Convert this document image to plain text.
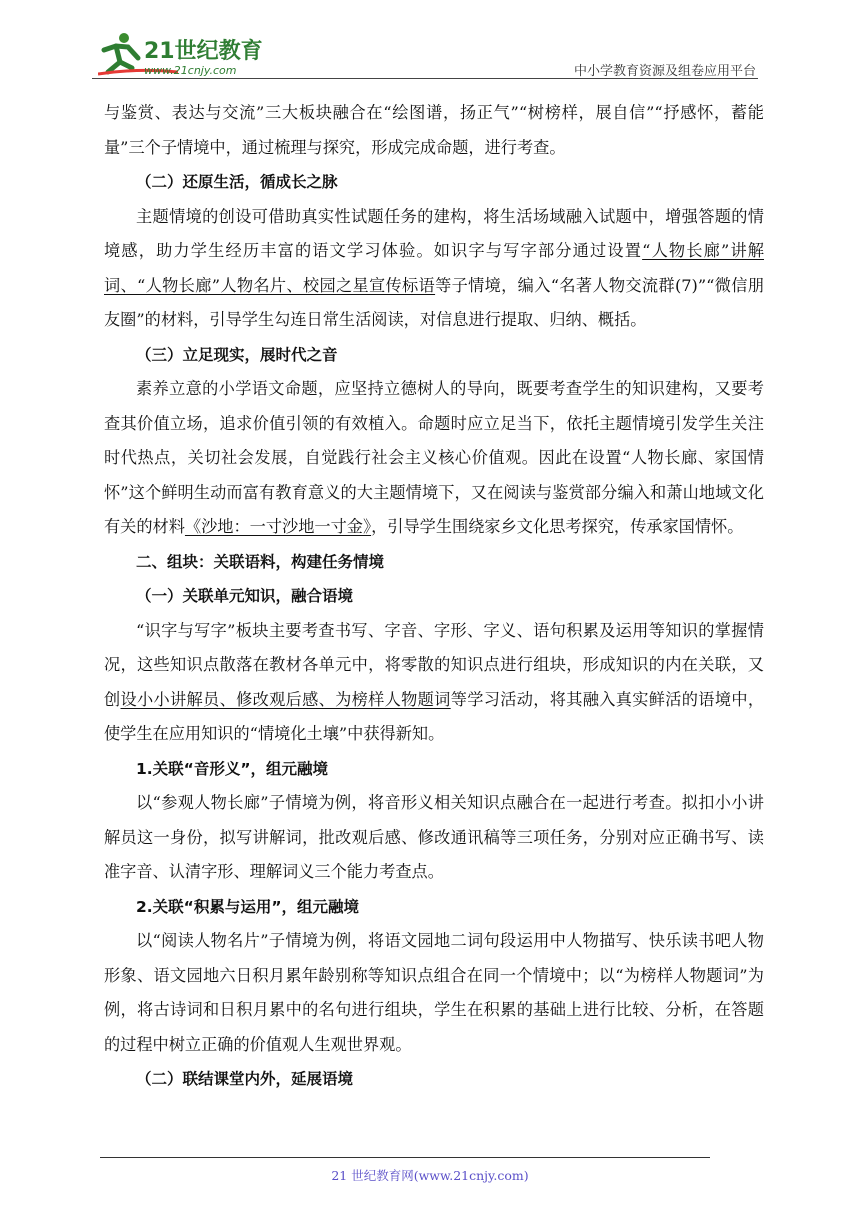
21世纪教育
www.21cnjy.com	中小学教育资源及组卷应用平台

与鉴赏、表达与交流”三大板块融合在“绘图谱，扬正气”“树榜样，展自信”“抒感怀，蓄能量”三个子情境中，通过梳理与探究，形成完成命题，进行考查。

（二）还原生活，循成长之脉

主题情境的创设可借助真实性试题任务的建构，将生活场域融入试题中，增强答题的情境感，助力学生经历丰富的语文学习体验。如识字与写字部分通过设置“人物长廊”讲解词、“人物长廊”人物名片、校园之星宣传标语等子情境，编入“名著人物交流群(7)”“微信朋友圈”的材料，引导学生勾连日常生活阅读，对信息进行提取、归纳、概括。

（三）立足现实，展时代之音

素养立意的小学语文命题，应坚持立德树人的导向，既要考查学生的知识建构，又要考查其价值立场，追求价值引领的有效植入。命题时应立足当下，依托主题情境引发学生关注时代热点，关切社会发展，自觉践行社会主义核心价值观。因此在设置“人物长廊、家国情怀”这个鲜明生动而富有教育意义的大主题情境下，又在阅读与鉴赏部分编入和萧山地域文化有关的材料《沙地：一寸沙地一寸金》，引导学生围绕家乡文化思考探究，传承家国情怀。

二、组块：关联语料，构建任务情境

（一）关联单元知识，融合语境

“识字与写字”板块主要考查书写、字音、字形、字义、语句积累及运用等知识的掌握情况，这些知识点散落在教材各单元中，将零散的知识点进行组块，形成知识的内在关联，又创设小小讲解员、修改观后感、为榜样人物题词等学习活动，将其融入真实鲜活的语境中，使学生在应用知识的“情境化土壤”中获得新知。

1.关联“音形义”，组元融境

以“参观人物长廊”子情境为例，将音形义相关知识点融合在一起进行考查。拟扣小小讲解员这一身份，拟写讲解词，批改观后感、修改通讯稿等三项任务，分别对应正确书写、读准字音、认清字形、理解词义三个能力考查点。

2.关联“积累与运用”，组元融境

以“阅读人物名片”子情境为例，将语文园地二词句段运用中人物描写、快乐读书吧人物形象、语文园地六日积月累年龄别称等知识点组合在同一个情境中；以“为榜样人物题词”为例，将古诗词和日积月累中的名句进行组块，学生在积累的基础上进行比较、分析，在答题的过程中树立正确的价值观人生观世界观。

（二）联结课堂内外，延展语境

21 世纪教育网(www.21cnjy.com)
